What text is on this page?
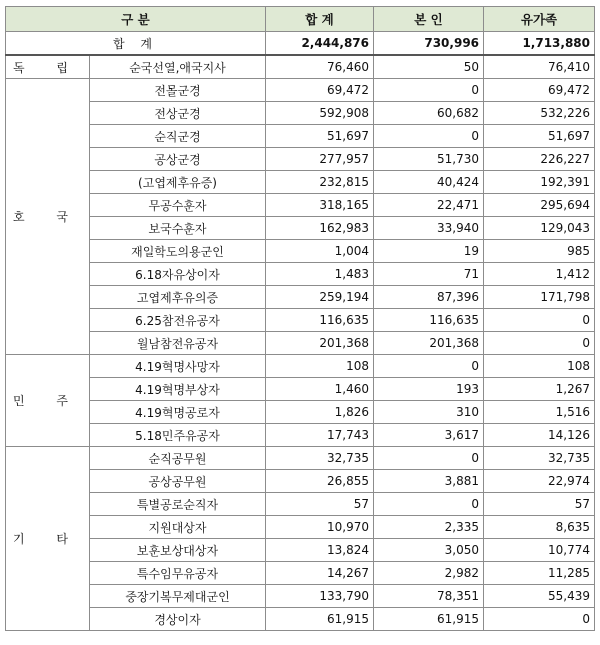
구 분		합 계	본 인	유가족
합 계		2,444,876	730,996	1,713,880
독 립	순국선열,애국지사	76,460	50	76,410
호 국	전몰군경	69,472	0	69,472
	전상군경	592,908	60,682	532,226
	순직군경	51,697	0	51,697
	공상군경	277,957	51,730	226,227
	(고엽제후유증)	232,815	40,424	192,391
	무공수훈자	318,165	22,471	295,694
	보국수훈자	162,983	33,940	129,043
	재일학도의용군인	1,004	19	985
	6.18자유상이자	1,483	71	1,412
	고엽제후유의증	259,194	87,396	171,798
	6.25참전유공자	116,635	116,635	0
	월남참전유공자	201,368	201,368	0
민 주	4.19혁명사망자	108	0	108
	4.19혁명부상자	1,460	193	1,267
	4.19혁명공로자	1,826	310	1,516
	5.18민주유공자	17,743	3,617	14,126
기 타	순직공무원	32,735	0	32,735
	공상공무원	26,855	3,881	22,974
	특별공로순직자	57	0	57
	지원대상자	10,970	2,335	8,635
	보훈보상대상자	13,824	3,050	10,774
	특수임무유공자	14,267	2,982	11,285
	중장기복무제대군인	133,790	78,351	55,439
	경상이자	61,915	61,915	0
